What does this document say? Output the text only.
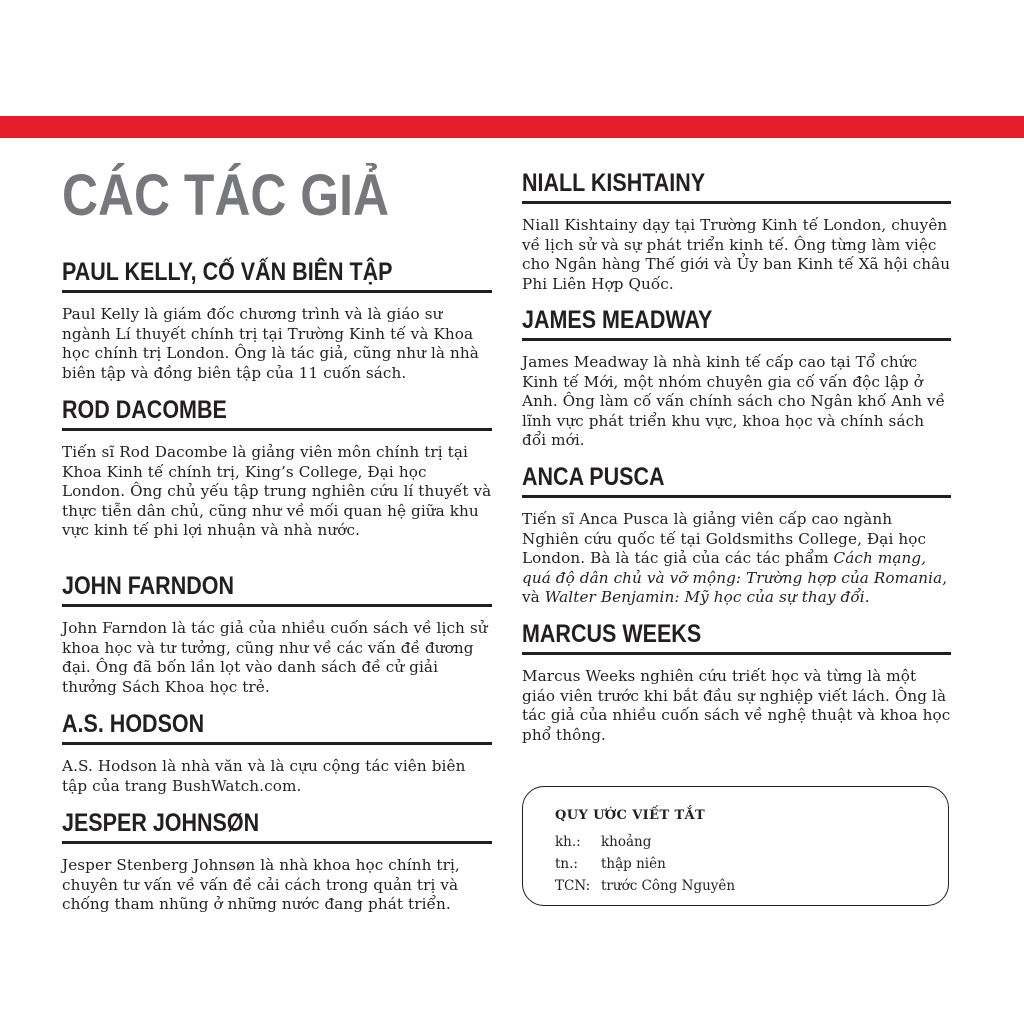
CÁC TÁC GIẢ
PAUL KELLY, CỐ VẤN BIÊN TẬP

Paul Kelly là giám đốc chương trình và là giáo sư ngành Lí thuyết chính trị tại Trường Kinh tế và Khoa học chính trị London. Ông là tác giả, cũng như là nhà biên tập và đồng biên tập của 11 cuốn sách.

ROD DACOMBE

Tiến sĩ Rod Dacombe là giảng viên môn chính trị tại Khoa Kinh tế chính trị, King’s College, Đại học London. Ông chủ yếu tập trung nghiên cứu lí thuyết và thực tiễn dân chủ, cũng như về mối quan hệ giữa khu vực kinh tế phi lợi nhuận và nhà nước.

JOHN FARNDON

John Farndon là tác giả của nhiều cuốn sách về lịch sử khoa học và tư tưởng, cũng như về các vấn đề đương đại. Ông đã bốn lần lọt vào danh sách đề cử giải thưởng Sách Khoa học trẻ.

A.S. HODSON

A.S. Hodson là nhà văn và là cựu cộng tác viên biên tập của trang BushWatch.com.

JESPER JOHNSØN

Jesper Stenberg Johnsøn là nhà khoa học chính trị, chuyên tư vấn về vấn đề cải cách trong quản trị và chống tham nhũng ở những nước đang phát triển.

NIALL KISHTAINY

Niall Kishtainy dạy tại Trường Kinh tế London, chuyên về lịch sử và sự phát triển kinh tế. Ông từng làm việc cho Ngân hàng Thế giới và Ủy ban Kinh tế Xã hội châu Phi Liên Hợp Quốc.

JAMES MEADWAY

James Meadway là nhà kinh tế cấp cao tại Tổ chức Kinh tế Mới, một nhóm chuyên gia cố vấn độc lập ở Anh. Ông làm cố vấn chính sách cho Ngân khố Anh về lĩnh vực phát triển khu vực, khoa học và chính sách đổi mới.

ANCA PUSCA

Tiến sĩ Anca Pusca là giảng viên cấp cao ngành Nghiên cứu quốc tế tại Goldsmiths College, Đại học London. Bà là tác giả của các tác phẩm Cách mạng, quá độ dân chủ và vỡ mộng: Trường hợp của Romania, và Walter Benjamin: Mỹ học của sự thay đổi.

MARCUS WEEKS

Marcus Weeks nghiên cứu triết học và từng là một giáo viên trước khi bắt đầu sự nghiệp viết lách. Ông là tác giả của nhiều cuốn sách về nghệ thuật và khoa học phổ thông.

QUY ƯỚC VIẾT TẮT

kh.:	khoảng
tn.:	thập niên
TCN: trước Công Nguyên
